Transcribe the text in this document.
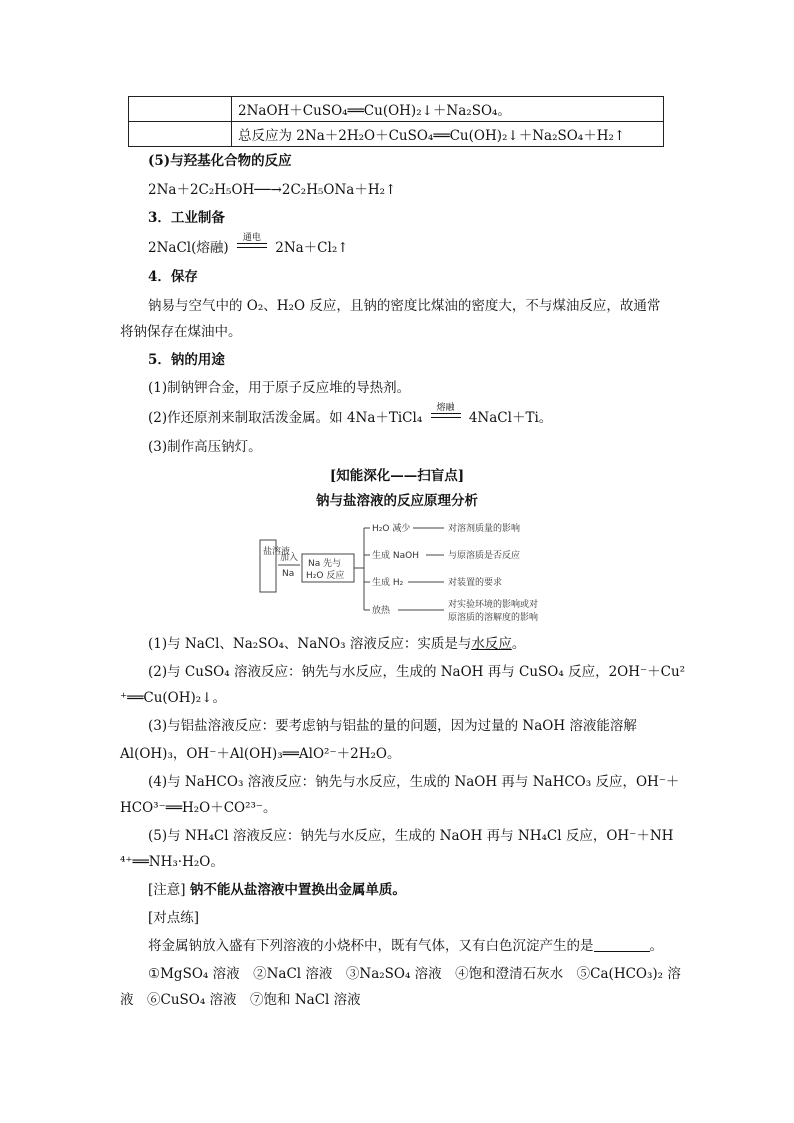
	2NaOH＋CuSO₄══Cu(OH)₂↓＋Na₂SO₄。
	总反应为 2Na＋2H₂O＋CuSO₄══Cu(OH)₂↓＋Na₂SO₄＋H₂↑
(5)与羟基化合物的反应
2Na＋2C₂H₅OH──→2C₂H₅ONa＋H₂↑
3．工业制备
2NaCl(熔融)
通电
2Na＋Cl₂↑
4．保存
钠易与空气中的 O₂、H₂O 反应，且钠的密度比煤油的密度大，不与煤油反应，故通常
将钠保存在煤油中。
5．钠的用途
(1)制钠钾合金，用于原子反应堆的导热剂。
(2)作还原剂来制取活泼金属。如 4Na＋TiCl₄
熔融
4NaCl＋Ti。
(3)制作高压钠灯。
[知能深化——扫盲点]
钠与盐溶液的反应原理分析
盐溶液
加入
Na
Na 先与
H₂O 反应
H₂O 减少	对溶剂质量的影响
生成 NaOH	与原溶质是否反应
生成 H₂	对装置的要求
放热
对实验环境的影响或对
原溶质的溶解度的影响
(1)与 NaCl、Na₂SO₄、NaNO₃ 溶液反应：实质是与水反应。
(2)与 CuSO₄ 溶液反应：钠先与水反应，生成的 NaOH 再与 CuSO₄ 反应，2OH⁻＋Cu²
⁺══Cu(OH)₂↓。
(3)与铝盐溶液反应：要考虑钠与铝盐的量的问题，因为过量的 NaOH 溶液能溶解
Al(OH)₃，OH⁻＋Al(OH)₃══AlO²⁻＋2H₂O。
(4)与 NaHCO₃ 溶液反应：钠先与水反应，生成的 NaOH 再与 NaHCO₃ 反应，OH⁻＋
HCO³⁻══H₂O＋CO²³⁻。
(5)与 NH₄Cl 溶液反应：钠先与水反应，生成的 NaOH 再与 NH₄Cl 反应，OH⁻＋NH
⁴⁺══NH₃·H₂O。
[注意] 钠不能从盐溶液中置换出金属单质。
[对点练]
将金属钠放入盛有下列溶液的小烧杯中，既有气体，又有白色沉淀产生的是	。
①MgSO₄ 溶液　②NaCl 溶液　③Na₂SO₄ 溶液　④饱和澄清石灰水　⑤Ca(HCO₃)₂ 溶
液　⑥CuSO₄ 溶液　⑦饱和 NaCl 溶液
